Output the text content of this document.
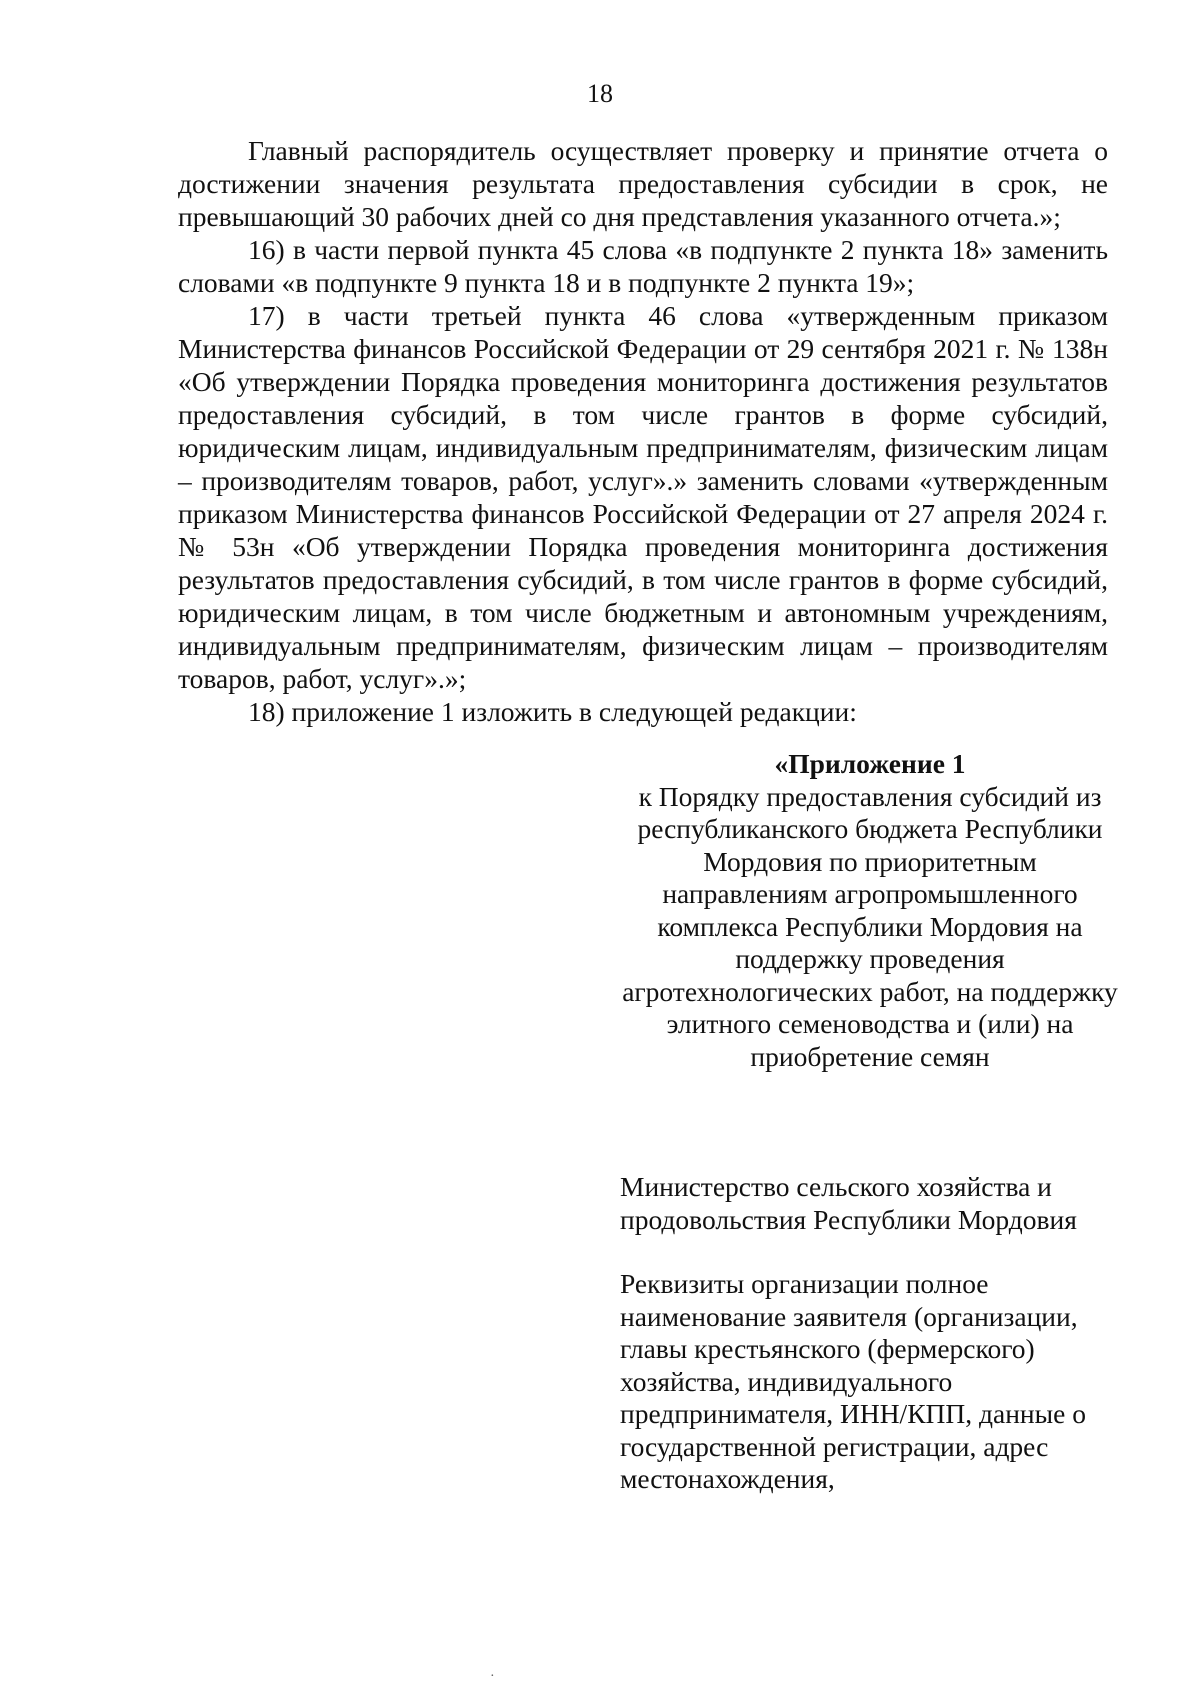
18

Главный распорядитель осуществляет проверку и принятие отчета о достижении значения результата предоставления субсидии в срок, не превышающий 30 рабочих дней со дня представления указанного отчета.»;

16) в части первой пункта 45 слова «в подпункте 2 пункта 18» заменить словами «в подпункте 9 пункта 18 и в подпункте 2 пункта 19»;

17) в части третьей пункта 46 слова «утвержденным приказом Министерства финансов Российской Федерации от 29 сентября 2021 г. № 138н «Об утверждении Порядка проведения мониторинга достижения результатов предоставления субсидий, в том числе грантов в форме субсидий, юридическим лицам, индивидуальным предпринимателям, физическим лицам – производителям товаров, работ, услуг».» заменить словами «утвержденным приказом Министерства финансов Российской Федерации от 27 апреля 2024 г. № 53н «Об утверждении Порядка проведения мониторинга достижения результатов предоставления субсидий, в том числе грантов в форме субсидий, юридическим лицам, в том числе бюджетным и автономным учреждениям, индивидуальным предпринимателям, физическим лицам – производителям товаров, работ, услуг».»;

18) приложение 1 изложить в следующей редакции:

«Приложение 1

к Порядку предоставления субсидий из республиканского бюджета Республики Мордовия по приоритетным направлениям агропромышленного комплекса Республики Мордовия на поддержку проведения агротехнологических работ, на поддержку элитного семеноводства и (или) на приобретение семян

Министерство сельского хозяйства и продовольствия Республики Мордовия

Реквизиты организации полное наименование заявителя (организации, главы крестьянского (фермерского) хозяйства, индивидуального предпринимателя, ИНН/КПП, данные о государственной регистрации, адрес местонахождения,

·
